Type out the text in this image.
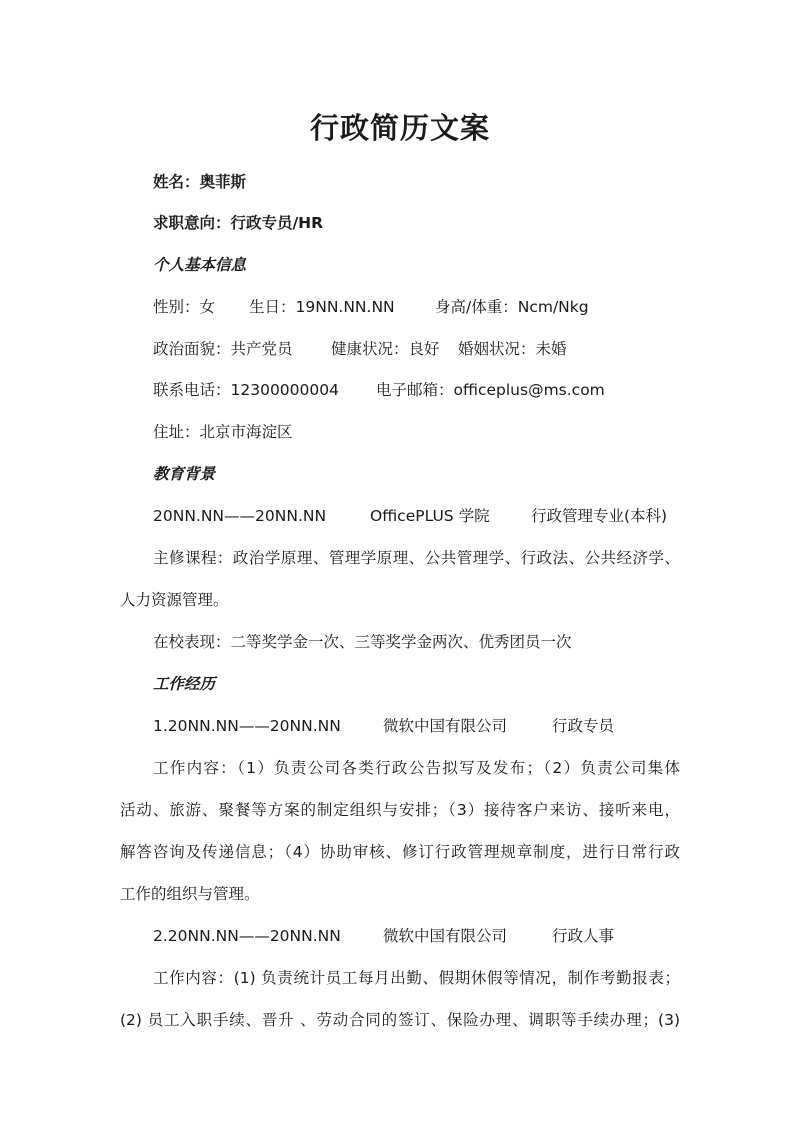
行政简历文案
姓名：奥菲斯
求职意向：行政专员/HR
个人基本信息
性别：女 生日：19NN.NN.NN	身高/体重：Ncm/Nkg
政治面貌：共产党员 健康状况：良好 婚姻状况：未婚
联系电话：12300000004 电子邮箱：officeplus@ms.com
住址：北京市海淀区
教育背景
20NN.NN——20NN.NN	OfficePLUS 学院	行政管理专业(本科)
主修课程：政治学原理、管理学原理、公共管理学、行政法、公共经济学、
人力资源管理。
在校表现：二等奖学金一次、三等奖学金两次、优秀团员一次
工作经历
1.20NN.NN——20NN.NN	微软中国有限公司	行政专员
工作内容：（1）负责公司各类行政公告拟写及发布；（2）负责公司集体
活动、旅游、聚餐等方案的制定组织与安排；（3）接待客户来访、接听来电，
解答咨询及传递信息；（4）协助审核、修订行政管理规章制度，进行日常行政
工作的组织与管理。
2.20NN.NN——20NN.NN	微软中国有限公司	行政人事
工作内容：(1) 负责统计员工每月出勤、假期休假等情况，制作考勤报表；
(2) 员工入职手续、晋升 、劳动合同的签订、保险办理、调职等手续办理；(3)
